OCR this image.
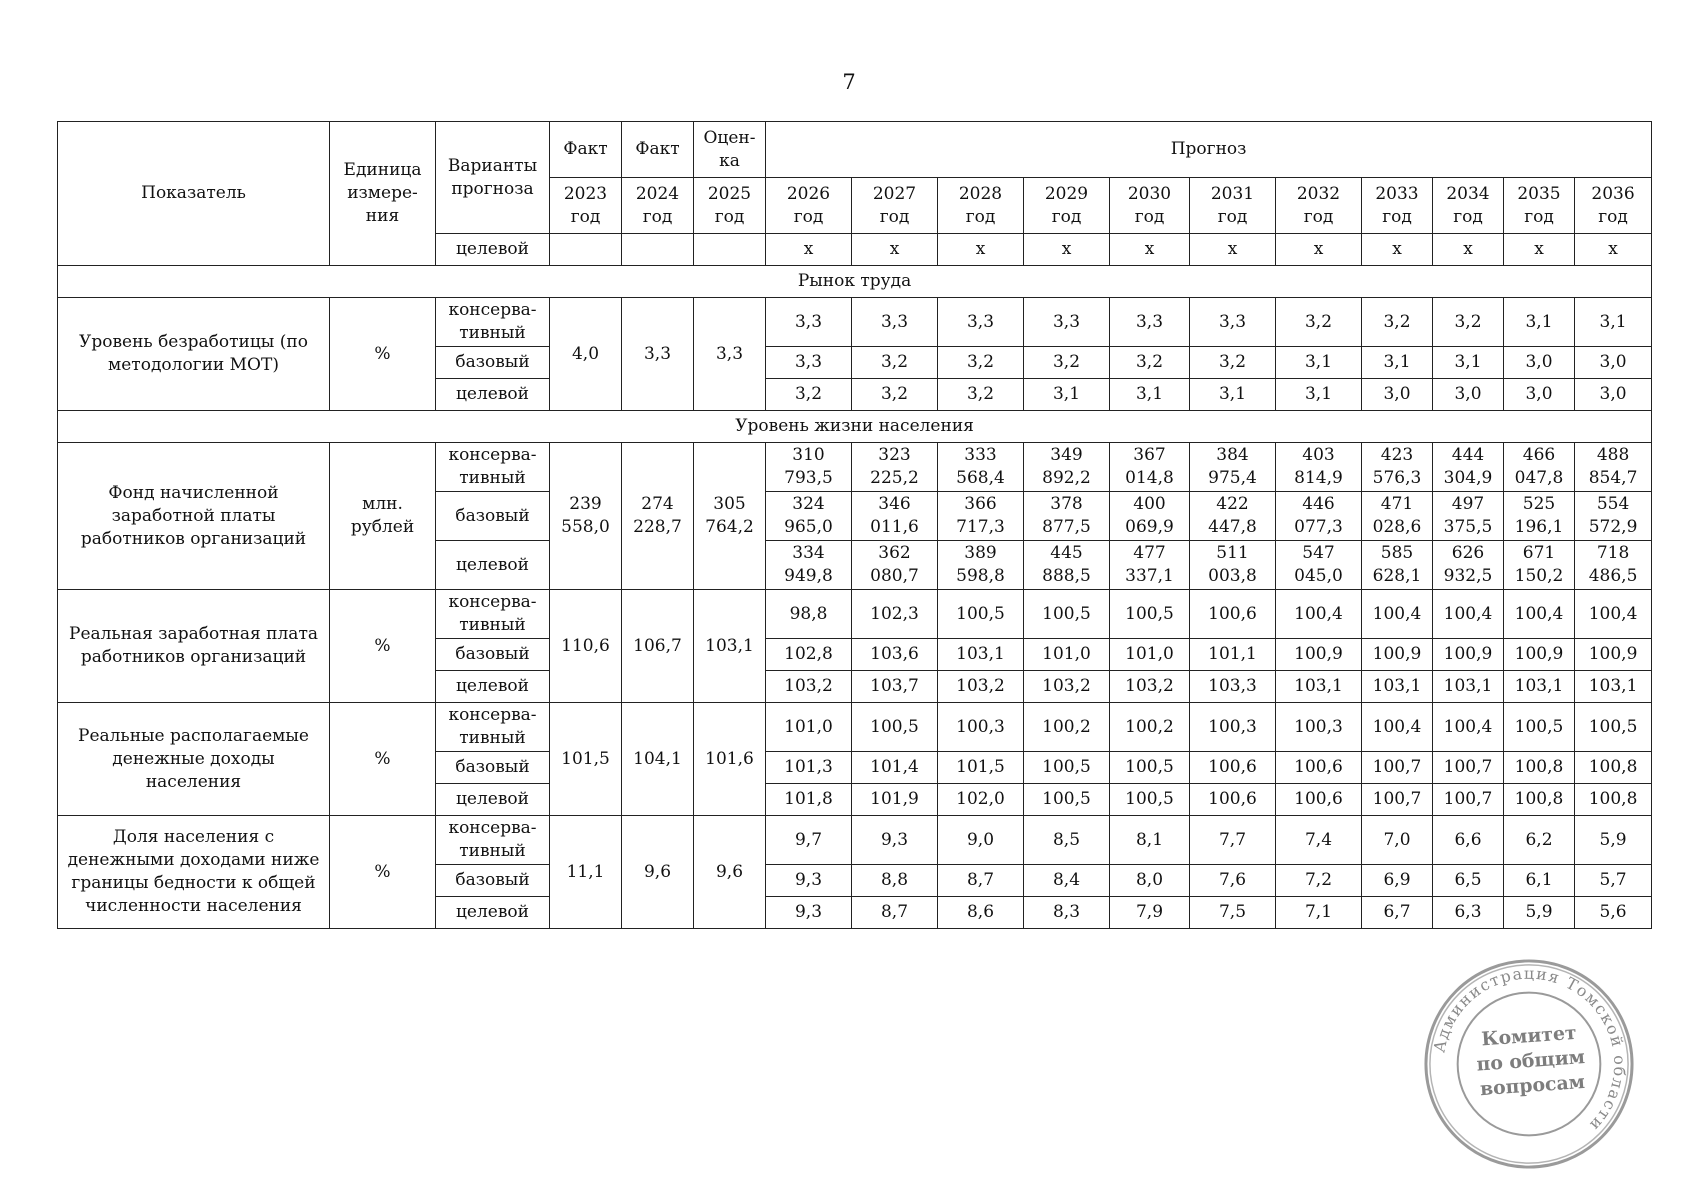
7
Показатель	Единица измере-ния	Варианты прогноза	Факт	Факт	Оцен-ка	Прогноз										
			2023 год	2024 год	2025 год	2026 год	2027 год	2028 год	2029 год	2030 год	2031 год	2032 год	2033 год	2034 год	2035 год	2036 год
		целевой				x	x	x	x	x	x	x	x	x	x	x
Рынок труда																
Уровень безработицы (по методологии МОТ)	%	консерва-тивный	4,0	3,3	3,3	3,3	3,3	3,3	3,3	3,3	3,3	3,2	3,2	3,2	3,1	3,1
		базовый				3,3	3,2	3,2	3,2	3,2	3,2	3,1	3,1	3,1	3,0	3,0
		целевой				3,2	3,2	3,2	3,1	3,1	3,1	3,1	3,0	3,0	3,0	3,0
Уровень жизни населения																
Фонд начисленной заработной платы работников организаций	млн. рублей	консерва-тивный	239 558,0	274 228,7	305 764,2	310 793,5	323 225,2	333 568,4	349 892,2	367 014,8	384 975,4	403 814,9	423 576,3	444 304,9	466 047,8	488 854,7
		базовый				324 965,0	346 011,6	366 717,3	378 877,5	400 069,9	422 447,8	446 077,3	471 028,6	497 375,5	525 196,1	554 572,9
		целевой				334 949,8	362 080,7	389 598,8	445 888,5	477 337,1	511 003,8	547 045,0	585 628,1	626 932,5	671 150,2	718 486,5
Реальная заработная плата работников организаций	%	консерва-тивный	110,6	106,7	103,1	98,8	102,3	100,5	100,5	100,5	100,6	100,4	100,4	100,4	100,4	100,4
		базовый				102,8	103,6	103,1	101,0	101,0	101,1	100,9	100,9	100,9	100,9	100,9
		целевой				103,2	103,7	103,2	103,2	103,2	103,3	103,1	103,1	103,1	103,1	103,1
Реальные располагаемые денежные доходы населения	%	консерва-тивный	101,5	104,1	101,6	101,0	100,5	100,3	100,2	100,2	100,3	100,3	100,4	100,4	100,5	100,5
		базовый				101,3	101,4	101,5	100,5	100,5	100,6	100,6	100,7	100,7	100,8	100,8
		целевой				101,8	101,9	102,0	100,5	100,5	100,6	100,6	100,7	100,7	100,8	100,8
Доля населения с денежными доходами ниже границы бедности к общей численности населения	%	консерва-тивный	11,1	9,6	9,6	9,7	9,3	9,0	8,5	8,1	7,7	7,4	7,0	6,6	6,2	5,9
		базовый				9,3	8,8	8,7	8,4	8,0	7,6	7,2	6,9	6,5	6,1	5,7
		целевой				9,3	8,7	8,6	8,3	7,9	7,5	7,1	6,7	6,3	5,9	5,6
Администрация Томской области
Комитет
по общим
вопросам
